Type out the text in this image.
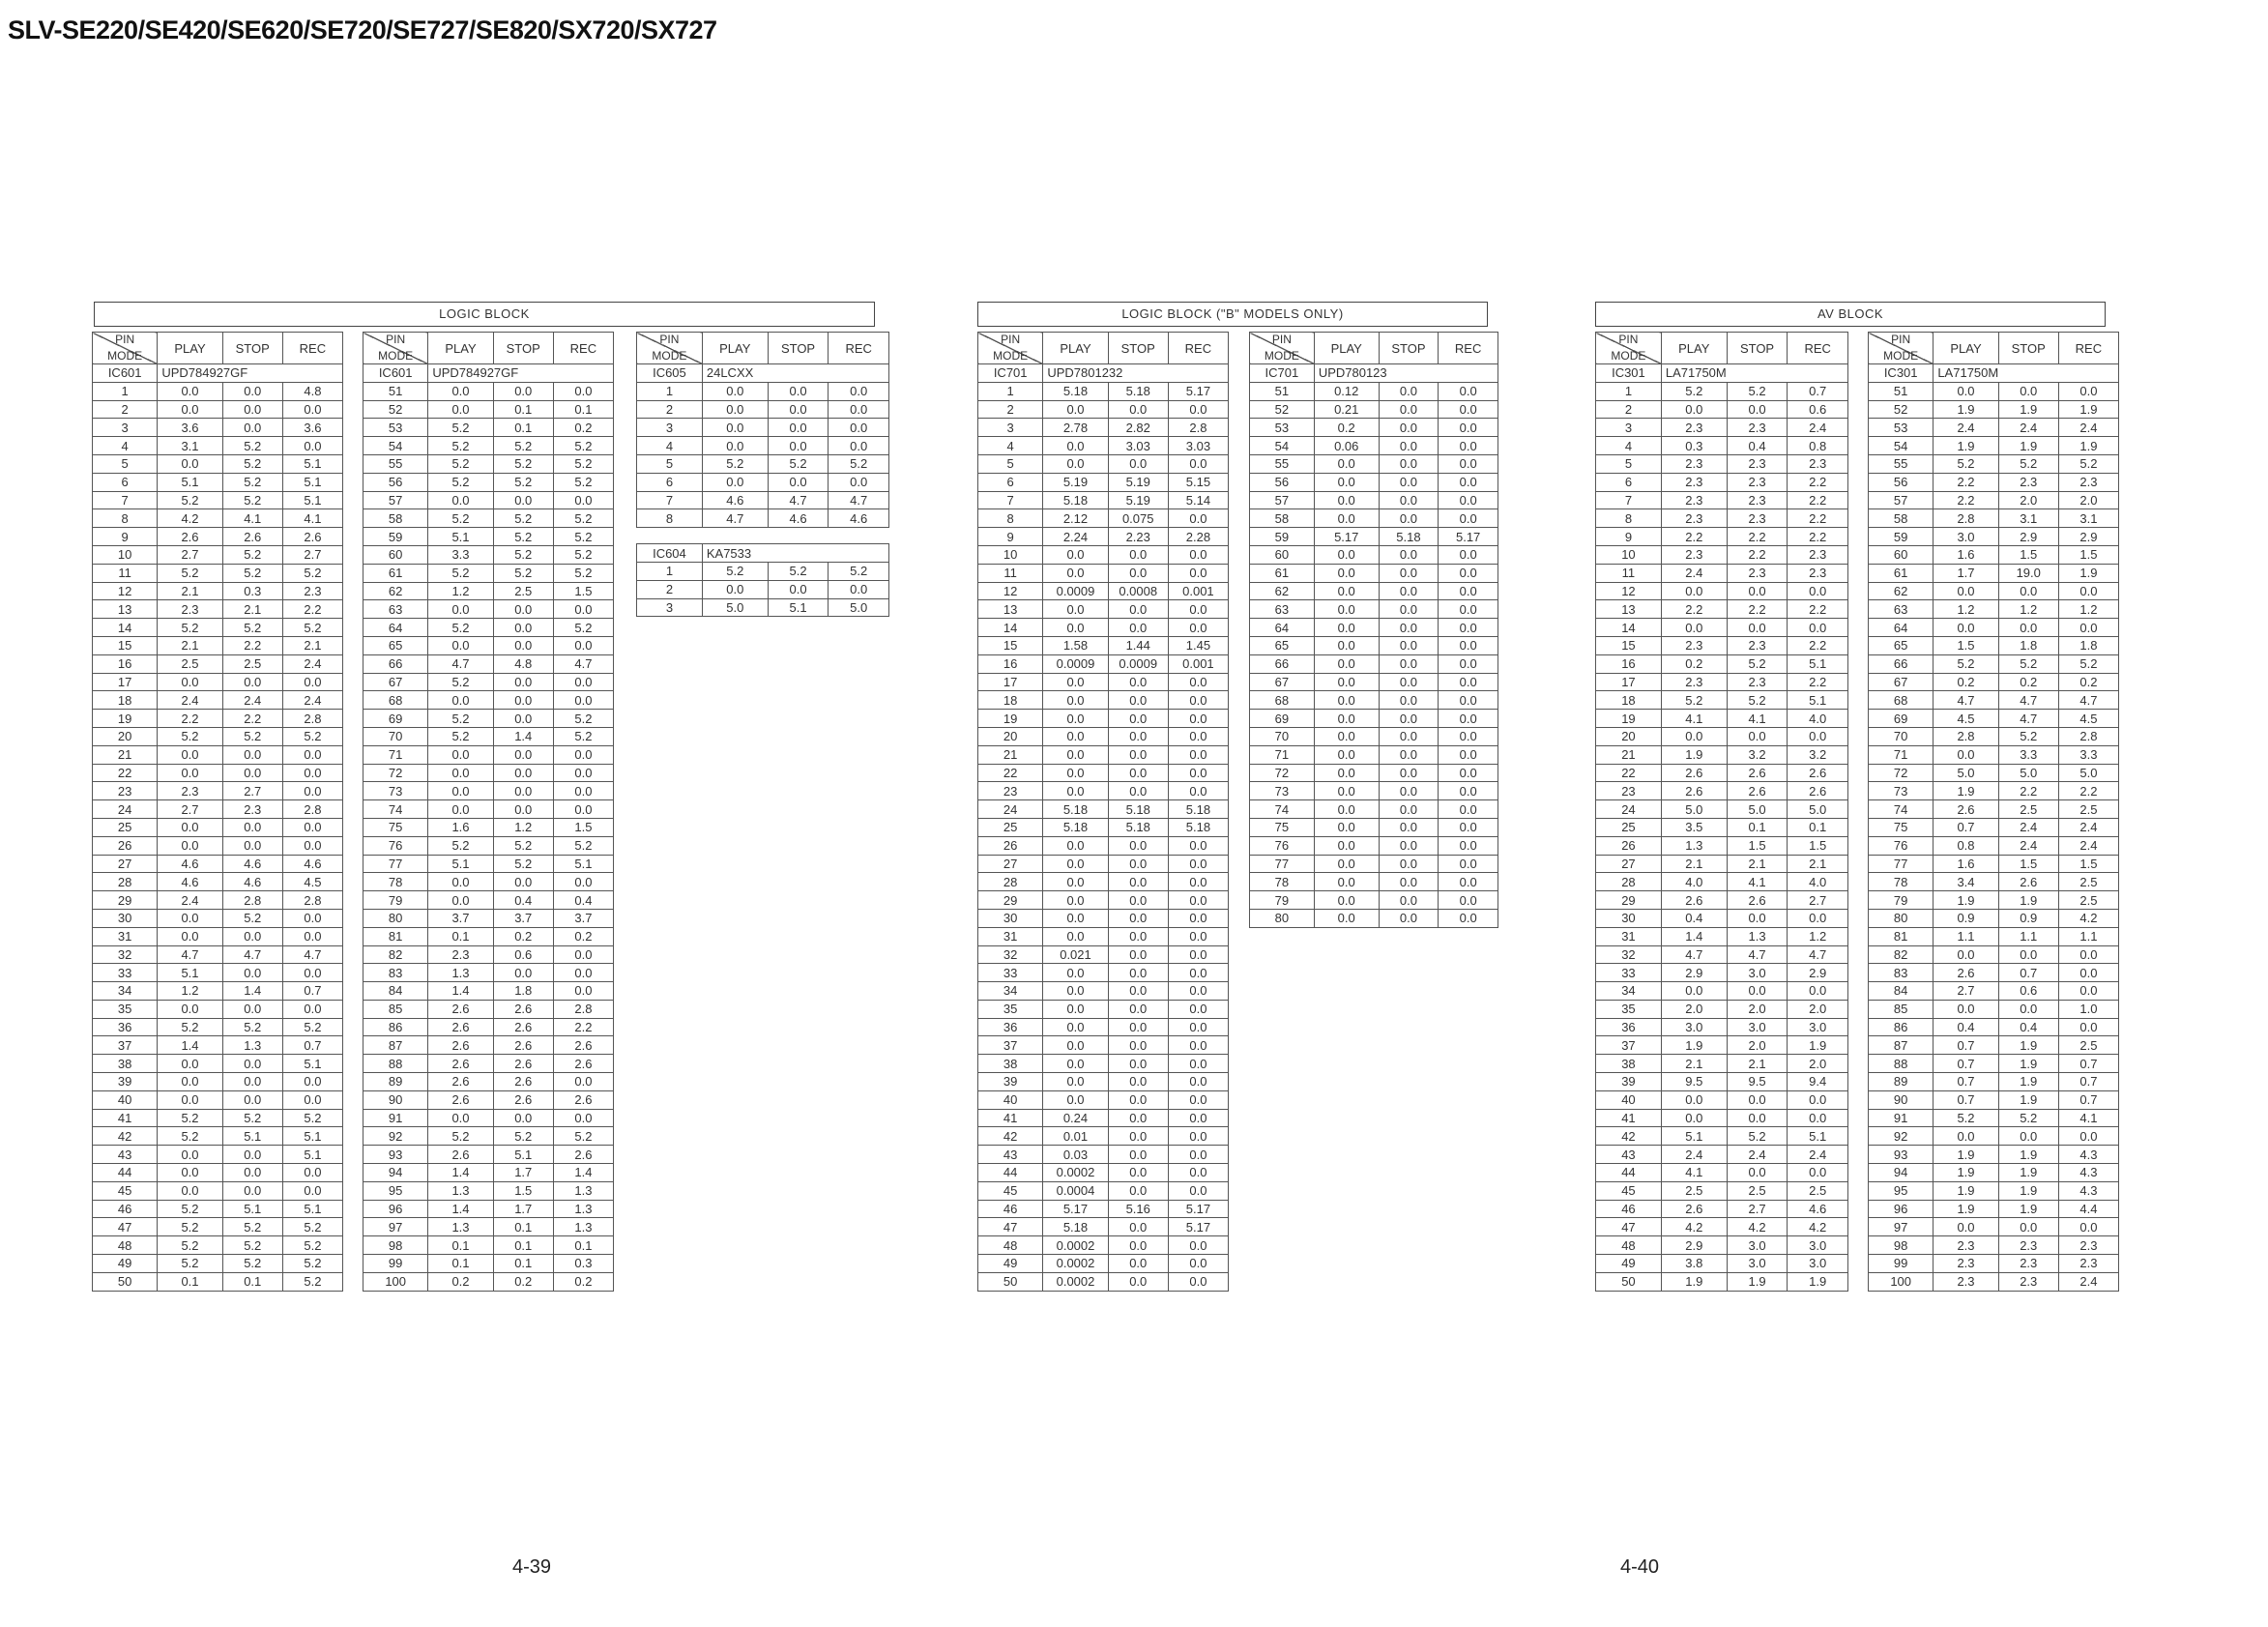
SLV-SE220/SE420/SE620/SE720/SE727/SE820/SX720/SX727
LOGIC BLOCK	LOGIC BLOCK ("B" MODELS ONLY)	AV BLOCK
PIN
MODE	PLAY	STOP	REC
IC601	UPD784927GF		
1	0.0	0.0	4.8
2	0.0	0.0	0.0
3	3.6	0.0	3.6
4	3.1	5.2	0.0
5	0.0	5.2	5.1
6	5.1	5.2	5.1
7	5.2	5.2	5.1
8	4.2	4.1	4.1
9	2.6	2.6	2.6
10	2.7	5.2	2.7
11	5.2	5.2	5.2
12	2.1	0.3	2.3
13	2.3	2.1	2.2
14	5.2	5.2	5.2
15	2.1	2.2	2.1
16	2.5	2.5	2.4
17	0.0	0.0	0.0
18	2.4	2.4	2.4
19	2.2	2.2	2.8
20	5.2	5.2	5.2
21	0.0	0.0	0.0
22	0.0	0.0	0.0
23	2.3	2.7	0.0
24	2.7	2.3	2.8
25	0.0	0.0	0.0
26	0.0	0.0	0.0
27	4.6	4.6	4.6
28	4.6	4.6	4.5
29	2.4	2.8	2.8
30	0.0	5.2	0.0
31	0.0	0.0	0.0
32	4.7	4.7	4.7
33	5.1	0.0	0.0
34	1.2	1.4	0.7
35	0.0	0.0	0.0
36	5.2	5.2	5.2
37	1.4	1.3	0.7
38	0.0	0.0	5.1
39	0.0	0.0	0.0
40	0.0	0.0	0.0
41	5.2	5.2	5.2
42	5.2	5.1	5.1
43	0.0	0.0	5.1
44	0.0	0.0	0.0
45	0.0	0.0	0.0
46	5.2	5.1	5.1
47	5.2	5.2	5.2
48	5.2	5.2	5.2
49	5.2	5.2	5.2
50	0.1	0.1	5.2
PIN
MODE	PLAY	STOP	REC
IC601	UPD784927GF		
51	0.0	0.0	0.0
52	0.0	0.1	0.1
53	5.2	0.1	0.2
54	5.2	5.2	5.2
55	5.2	5.2	5.2
56	5.2	5.2	5.2
57	0.0	0.0	0.0
58	5.2	5.2	5.2
59	5.1	5.2	5.2
60	3.3	5.2	5.2
61	5.2	5.2	5.2
62	1.2	2.5	1.5
63	0.0	0.0	0.0
64	5.2	0.0	5.2
65	0.0	0.0	0.0
66	4.7	4.8	4.7
67	5.2	0.0	0.0
68	0.0	0.0	0.0
69	5.2	0.0	5.2
70	5.2	1.4	5.2
71	0.0	0.0	0.0
72	0.0	0.0	0.0
73	0.0	0.0	0.0
74	0.0	0.0	0.0
75	1.6	1.2	1.5
76	5.2	5.2	5.2
77	5.1	5.2	5.1
78	0.0	0.0	0.0
79	0.0	0.4	0.4
80	3.7	3.7	3.7
81	0.1	0.2	0.2
82	2.3	0.6	0.0
83	1.3	0.0	0.0
84	1.4	1.8	0.0
85	2.6	2.6	2.8
86	2.6	2.6	2.2
87	2.6	2.6	2.6
88	2.6	2.6	2.6
89	2.6	2.6	0.0
90	2.6	2.6	2.6
91	0.0	0.0	0.0
92	5.2	5.2	5.2
93	2.6	5.1	2.6
94	1.4	1.7	1.4
95	1.3	1.5	1.3
96	1.4	1.7	1.3
97	1.3	0.1	1.3
98	0.1	0.1	0.1
99	0.1	0.1	0.3
100	0.2	0.2	0.2
PIN
MODE	PLAY	STOP	REC
IC605	24LCXX		
1	0.0	0.0	0.0
2	0.0	0.0	0.0
3	0.0	0.0	0.0
4	0.0	0.0	0.0
5	5.2	5.2	5.2
6	0.0	0.0	0.0
7	4.6	4.7	4.7
8	4.7	4.6	4.6

IC604	KA7533		
1	5.2	5.2	5.2
2	0.0	0.0	0.0
3	5.0	5.1	5.0
PIN
MODE	PLAY	STOP	REC
IC701	UPD7801232		
1	5.18	5.18	5.17
2	0.0	0.0	0.0
3	2.78	2.82	2.8
4	0.0	3.03	3.03
5	0.0	0.0	0.0
6	5.19	5.19	5.15
7	5.18	5.19	5.14
8	2.12	0.075	0.0
9	2.24	2.23	2.28
10	0.0	0.0	0.0
11	0.0	0.0	0.0
12	0.0009	0.0008	0.001
13	0.0	0.0	0.0
14	0.0	0.0	0.0
15	1.58	1.44	1.45
16	0.0009	0.0009	0.001
17	0.0	0.0	0.0
18	0.0	0.0	0.0
19	0.0	0.0	0.0
20	0.0	0.0	0.0
21	0.0	0.0	0.0
22	0.0	0.0	0.0
23	0.0	0.0	0.0
24	5.18	5.18	5.18
25	5.18	5.18	5.18
26	0.0	0.0	0.0
27	0.0	0.0	0.0
28	0.0	0.0	0.0
29	0.0	0.0	0.0
30	0.0	0.0	0.0
31	0.0	0.0	0.0
32	0.021	0.0	0.0
33	0.0	0.0	0.0
34	0.0	0.0	0.0
35	0.0	0.0	0.0
36	0.0	0.0	0.0
37	0.0	0.0	0.0
38	0.0	0.0	0.0
39	0.0	0.0	0.0
40	0.0	0.0	0.0
41	0.24	0.0	0.0
42	0.01	0.0	0.0
43	0.03	0.0	0.0
44	0.0002	0.0	0.0
45	0.0004	0.0	0.0
46	5.17	5.16	5.17
47	5.18	0.0	5.17
48	0.0002	0.0	0.0
49	0.0002	0.0	0.0
50	0.0002	0.0	0.0
PIN
MODE	PLAY	STOP	REC
IC701	UPD780123		
51	0.12	0.0	0.0
52	0.21	0.0	0.0
53	0.2	0.0	0.0
54	0.06	0.0	0.0
55	0.0	0.0	0.0
56	0.0	0.0	0.0
57	0.0	0.0	0.0
58	0.0	0.0	0.0
59	5.17	5.18	5.17
60	0.0	0.0	0.0
61	0.0	0.0	0.0
62	0.0	0.0	0.0
63	0.0	0.0	0.0
64	0.0	0.0	0.0
65	0.0	0.0	0.0
66	0.0	0.0	0.0
67	0.0	0.0	0.0
68	0.0	0.0	0.0
69	0.0	0.0	0.0
70	0.0	0.0	0.0
71	0.0	0.0	0.0
72	0.0	0.0	0.0
73	0.0	0.0	0.0
74	0.0	0.0	0.0
75	0.0	0.0	0.0
76	0.0	0.0	0.0
77	0.0	0.0	0.0
78	0.0	0.0	0.0
79	0.0	0.0	0.0
80	0.0	0.0	0.0
PIN
MODE	PLAY	STOP	REC
IC301	LA71750M		
1	5.2	5.2	0.7
2	0.0	0.0	0.6
3	2.3	2.3	2.4
4	0.3	0.4	0.8
5	2.3	2.3	2.3
6	2.3	2.3	2.2
7	2.3	2.3	2.2
8	2.3	2.3	2.2
9	2.2	2.2	2.2
10	2.3	2.2	2.3
11	2.4	2.3	2.3
12	0.0	0.0	0.0
13	2.2	2.2	2.2
14	0.0	0.0	0.0
15	2.3	2.3	2.2
16	0.2	5.2	5.1
17	2.3	2.3	2.2
18	5.2	5.2	5.1
19	4.1	4.1	4.0
20	0.0	0.0	0.0
21	1.9	3.2	3.2
22	2.6	2.6	2.6
23	2.6	2.6	2.6
24	5.0	5.0	5.0
25	3.5	0.1	0.1
26	1.3	1.5	1.5
27	2.1	2.1	2.1
28	4.0	4.1	4.0
29	2.6	2.6	2.7
30	0.4	0.0	0.0
31	1.4	1.3	1.2
32	4.7	4.7	4.7
33	2.9	3.0	2.9
34	0.0	0.0	0.0
35	2.0	2.0	2.0
36	3.0	3.0	3.0
37	1.9	2.0	1.9
38	2.1	2.1	2.0
39	9.5	9.5	9.4
40	0.0	0.0	0.0
41	0.0	0.0	0.0
42	5.1	5.2	5.1
43	2.4	2.4	2.4
44	4.1	0.0	0.0
45	2.5	2.5	2.5
46	2.6	2.7	4.6
47	4.2	4.2	4.2
48	2.9	3.0	3.0
49	3.8	3.0	3.0
50	1.9	1.9	1.9
PIN
MODE	PLAY	STOP	REC
IC301	LA71750M		
51	0.0	0.0	0.0
52	1.9	1.9	1.9
53	2.4	2.4	2.4
54	1.9	1.9	1.9
55	5.2	5.2	5.2
56	2.2	2.3	2.3
57	2.2	2.0	2.0
58	2.8	3.1	3.1
59	3.0	2.9	2.9
60	1.6	1.5	1.5
61	1.7	19.0	1.9
62	0.0	0.0	0.0
63	1.2	1.2	1.2
64	0.0	0.0	0.0
65	1.5	1.8	1.8
66	5.2	5.2	5.2
67	0.2	0.2	0.2
68	4.7	4.7	4.7
69	4.5	4.7	4.5
70	2.8	5.2	2.8
71	0.0	3.3	3.3
72	5.0	5.0	5.0
73	1.9	2.2	2.2
74	2.6	2.5	2.5
75	0.7	2.4	2.4
76	0.8	2.4	2.4
77	1.6	1.5	1.5
78	3.4	2.6	2.5
79	1.9	1.9	2.5
80	0.9	0.9	4.2
81	1.1	1.1	1.1
82	0.0	0.0	0.0
83	2.6	0.7	0.0
84	2.7	0.6	0.0
85	0.0	0.0	1.0
86	0.4	0.4	0.0
87	0.7	1.9	2.5
88	0.7	1.9	0.7
89	0.7	1.9	0.7
90	0.7	1.9	0.7
91	5.2	5.2	4.1
92	0.0	0.0	0.0
93	1.9	1.9	4.3
94	1.9	1.9	4.3
95	1.9	1.9	4.3
96	1.9	1.9	4.4
97	0.0	0.0	0.0
98	2.3	2.3	2.3
99	2.3	2.3	2.3
100	2.3	2.3	2.4
4-39	4-40
